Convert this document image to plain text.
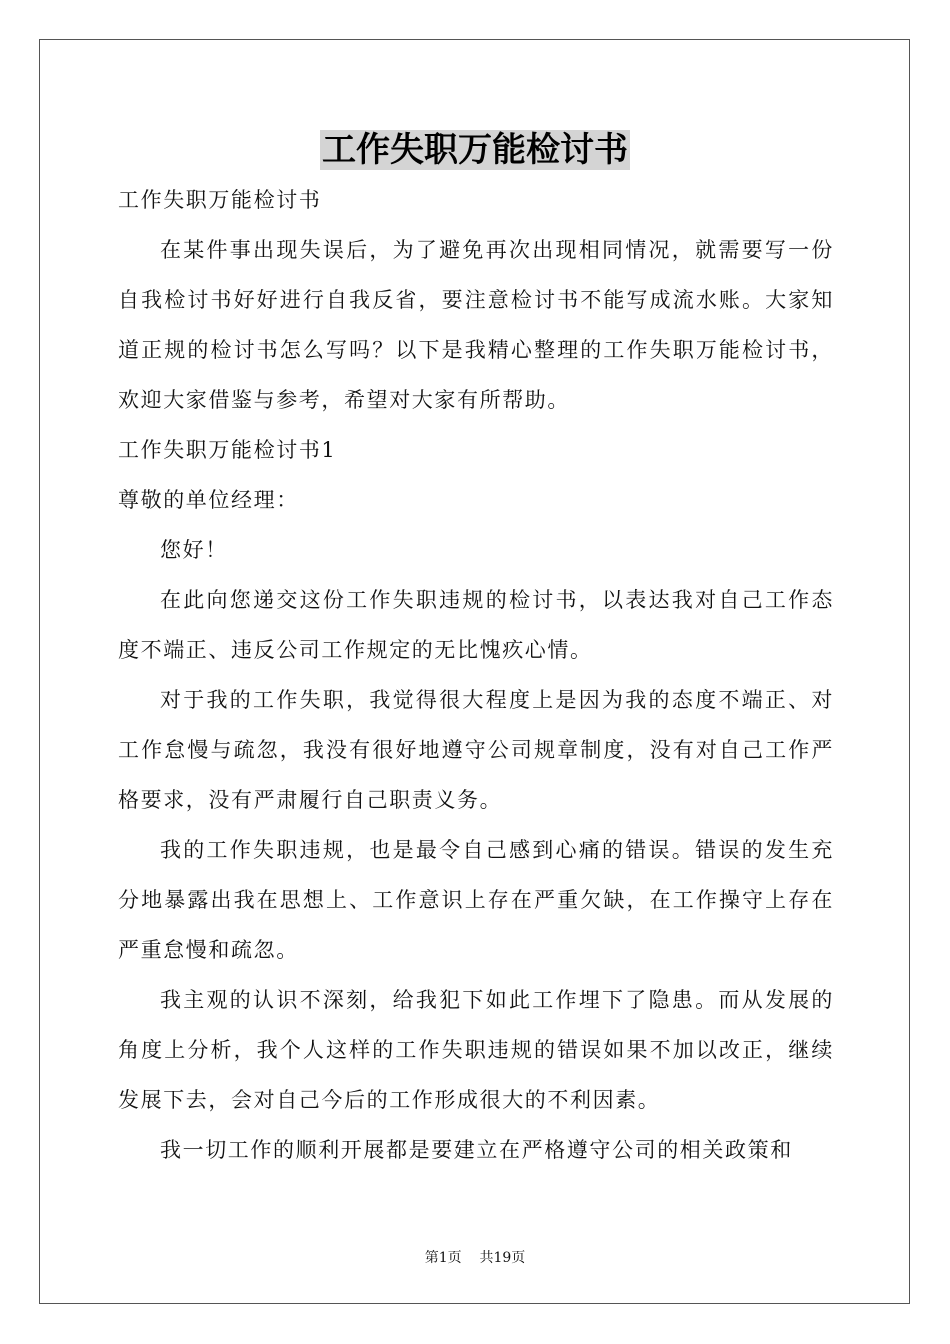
工作失职万能检讨书

工作失职万能检讨书

在某件事出现失误后，为了避免再次出现相同情况，就需要写一份自我检讨书好好进行自我反省，要注意检讨书不能写成流水账。大家知道正规的检讨书怎么写吗？以下是我精心整理的工作失职万能检讨书，欢迎大家借鉴与参考，希望对大家有所帮助。

工作失职万能检讨书1

尊敬的单位经理：

您好！

在此向您递交这份工作失职违规的检讨书，以表达我对自己工作态度不端正、违反公司工作规定的无比愧疚心情。

对于我的工作失职，我觉得很大程度上是因为我的态度不端正、对工作怠慢与疏忽，我没有很好地遵守公司规章制度，没有对自己工作严格要求，没有严肃履行自己职责义务。

我的工作失职违规，也是最令自己感到心痛的错误。错误的发生充分地暴露出我在思想上、工作意识上存在严重欠缺，在工作操守上存在严重怠慢和疏忽。

我主观的认识不深刻，给我犯下如此工作埋下了隐患。而从发展的角度上分析，我个人这样的工作失职违规的错误如果不加以改正，继续发展下去，会对自己今后的工作形成很大的不利因素。

我一切工作的顺利开展都是要建立在严格遵守公司的相关政策和

第1页    共19页
